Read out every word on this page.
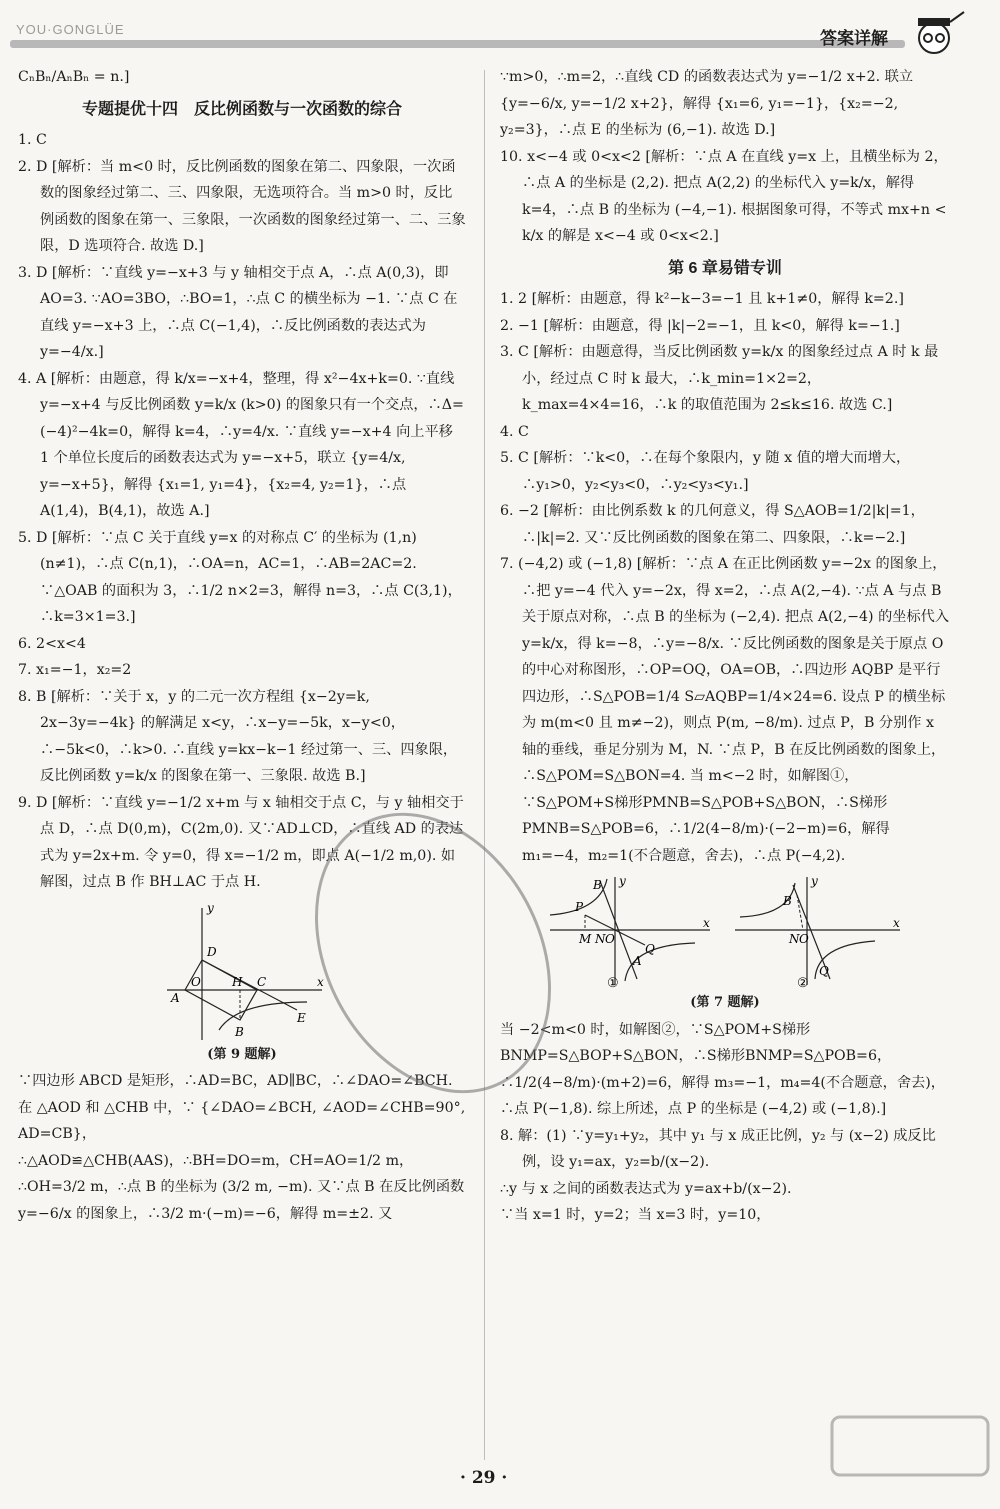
YOU·GONGLÜE	答案详解

CₙBₙ/AₙBₙ = n.]

专题提优十四　反比例函数与一次函数的综合

1. C

2. D [解析：当 m<0 时，反比例函数的图象在第二、四象限，一次函数的图象经过第二、三、四象限，无选项符合。当 m>0 时，反比例函数的图象在第一、三象限，一次函数的图象经过第一、二、三象限，D 选项符合. 故选 D.]

3. D [解析：∵直线 y=−x+3 与 y 轴相交于点 A，∴点 A(0,3)，即 AO=3. ∵AO=3BO，∴BO=1，∴点 C 的横坐标为 −1. ∵点 C 在直线 y=−x+3 上，∴点 C(−1,4)，∴反比例函数的表达式为 y=−4/x.]

4. A [解析：由题意，得 k/x=−x+4，整理，得 x²−4x+k=0. ∵直线 y=−x+4 与反比例函数 y=k/x (k>0) 的图象只有一个交点，∴Δ=(−4)²−4k=0，解得 k=4，∴y=4/x. ∵直线 y=−x+4 向上平移 1 个单位长度后的函数表达式为 y=−x+5，联立 {y=4/x, y=−x+5}，解得 {x₁=1, y₁=4}，{x₂=4, y₂=1}，∴点 A(1,4)，B(4,1)，故选 A.]

5. D [解析：∵点 C 关于直线 y=x 的对称点 C′ 的坐标为 (1,n)(n≠1)，∴点 C(n,1)，∴OA=n，AC=1，∴AB=2AC=2. ∵△OAB 的面积为 3，∴1/2 n×2=3，解得 n=3，∴点 C(3,1)，∴k=3×1=3.]

6. 2<x<4

7. x₁=−1，x₂=2

8. B [解析：∵关于 x，y 的二元一次方程组 {x−2y=k, 2x−3y=−4k} 的解满足 x<y，∴x−y=−5k，x−y<0，∴−5k<0，∴k>0. ∴直线 y=kx−k−1 经过第一、三、四象限，反比例函数 y=k/x 的图象在第一、三象限. 故选 B.]

9. D [解析：∵直线 y=−1/2 x+m 与 x 轴相交于点 C，与 y 轴相交于点 D，∴点 D(0,m)，C(2m,0). 又∵AD⊥CD，∴直线 AD 的表达式为 y=2x+m. 令 y=0，得 x=−1/2 m，即点 A(−1/2 m,0). 如解图，过点 B 作 BH⊥AC 于点 H.

y
x
D
O	H C
A
E
B
(第 9 题解)

∵四边形 ABCD 是矩形，∴AD=BC，AD∥BC，∴∠DAO=∠BCH. 在 △AOD 和 △CHB 中，∵ {∠DAO=∠BCH, ∠AOD=∠CHB=90°, AD=CB}，

∴△AOD≌△CHB(AAS)，∴BH=DO=m，CH=AO=1/2 m，

∴OH=3/2 m，∴点 B 的坐标为 (3/2 m, −m). 又∵点 B 在反比例函数 y=−6/x 的图象上，∴3/2 m·(−m)=−6，解得 m=±2. 又

∵m>0，∴m=2，∴直线 CD 的函数表达式为 y=−1/2 x+2. 联立 {y=−6/x, y=−1/2 x+2}，解得 {x₁=6, y₁=−1}，{x₂=−2, y₂=3}，∴点 E 的坐标为 (6,−1). 故选 D.]

10. x<−4 或 0<x<2 [解析：∵点 A 在直线 y=x 上，且横坐标为 2，∴点 A 的坐标是 (2,2). 把点 A(2,2) 的坐标代入 y=k/x，解得 k=4，∴点 B 的坐标为 (−4,−1). 根据图象可得，不等式 mx+n < k/x 的解是 x<−4 或 0<x<2.]

第 6 章易错专训

1. 2 [解析：由题意，得 k²−k−3=−1 且 k+1≠0，解得 k=2.]

2. −1 [解析：由题意，得 |k|−2=−1，且 k<0，解得 k=−1.]

3. C [解析：由题意得，当反比例函数 y=k/x 的图象经过点 A 时 k 最小，经过点 C 时 k 最大，∴k_min=1×2=2，k_max=4×4=16，∴k 的取值范围为 2≤k≤16. 故选 C.]

4. C

5. C [解析：∵k<0，∴在每个象限内，y 随 x 值的增大而增大，∴y₁>0，y₂<y₃<0，∴y₂<y₃<y₁.]

6. −2 [解析：由比例系数 k 的几何意义，得 S△AOB=1/2|k|=1，∴|k|=2. 又∵反比例函数的图象在第二、四象限，∴k=−2.]

7. (−4,2) 或 (−1,8) [解析：∵点 A 在正比例函数 y=−2x 的图象上，∴把 y=−4 代入 y=−2x，得 x=2，∴点 A(2,−4). ∵点 A 与点 B 关于原点对称，∴点 B 的坐标为 (−2,4). 把点 A(2,−4) 的坐标代入 y=k/x，得 k=−8，∴y=−8/x. ∵反比例函数的图象是关于原点 O 的中心对称图形，∴OP=OQ，OA=OB，∴四边形 AQBP 是平行四边形，∴S△POB=1/4 S▱AQBP=1/4×24=6. 设点 P 的横坐标为 m(m<0 且 m≠−2)，则点 P(m, −8/m). 过点 P，B 分别作 x 轴的垂线，垂足分别为 M，N. ∵点 P，B 在反比例函数的图象上，∴S△POM=S△BON=4. 当 m<−2 时，如解图①，∵S△POM+S梯形PMNB=S△POB+S△BON，∴S梯形PMNB=S△POB=6，∴1/2(4−8/m)·(−2−m)=6，解得 m₁=−4，m₂=1(不合题意，舍去)，∴点 P(−4,2).

y
x
B
P
M N O
Q
A
①
x
y
B
N O
Q
②
(第 7 题解)

当 −2<m<0 时，如解图②，∵S△POM+S梯形BNMP=S△BOP+S△BON，∴S梯形BNMP=S△POB=6，∴1/2(4−8/m)·(m+2)=6，解得 m₃=−1，m₄=4(不合题意，舍去)，∴点 P(−1,8). 综上所述，点 P 的坐标是 (−4,2) 或 (−1,8).]

8. 解：(1) ∵y=y₁+y₂，其中 y₁ 与 x 成正比例，y₂ 与 (x−2) 成反比例，设 y₁=ax，y₂=b/(x−2).

∴y 与 x 之间的函数表达式为 y=ax+b/(x−2).

∵当 x=1 时，y=2；当 x=3 时，y=10，

· 29 ·
